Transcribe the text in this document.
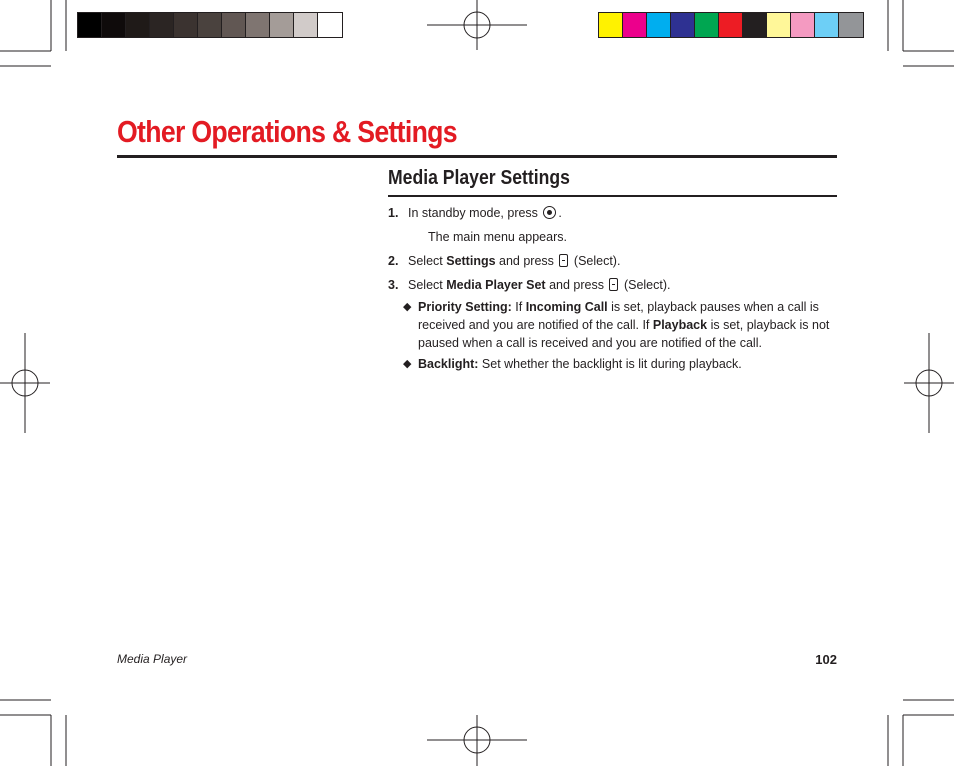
Other Operations & Settings
Media Player Settings
1. In standby mode, press .
The main menu appears.
2. Select Settings and press (Select).
3. Select Media Player Set and press (Select).
◆ Priority Setting: If Incoming Call is set, playback pauses when a call is received and you are notified of the call. If Playback is set, playback is not paused when a call is received and you are notified of the call.
◆ Backlight: Set whether the backlight is lit during playback.
Media Player	102
